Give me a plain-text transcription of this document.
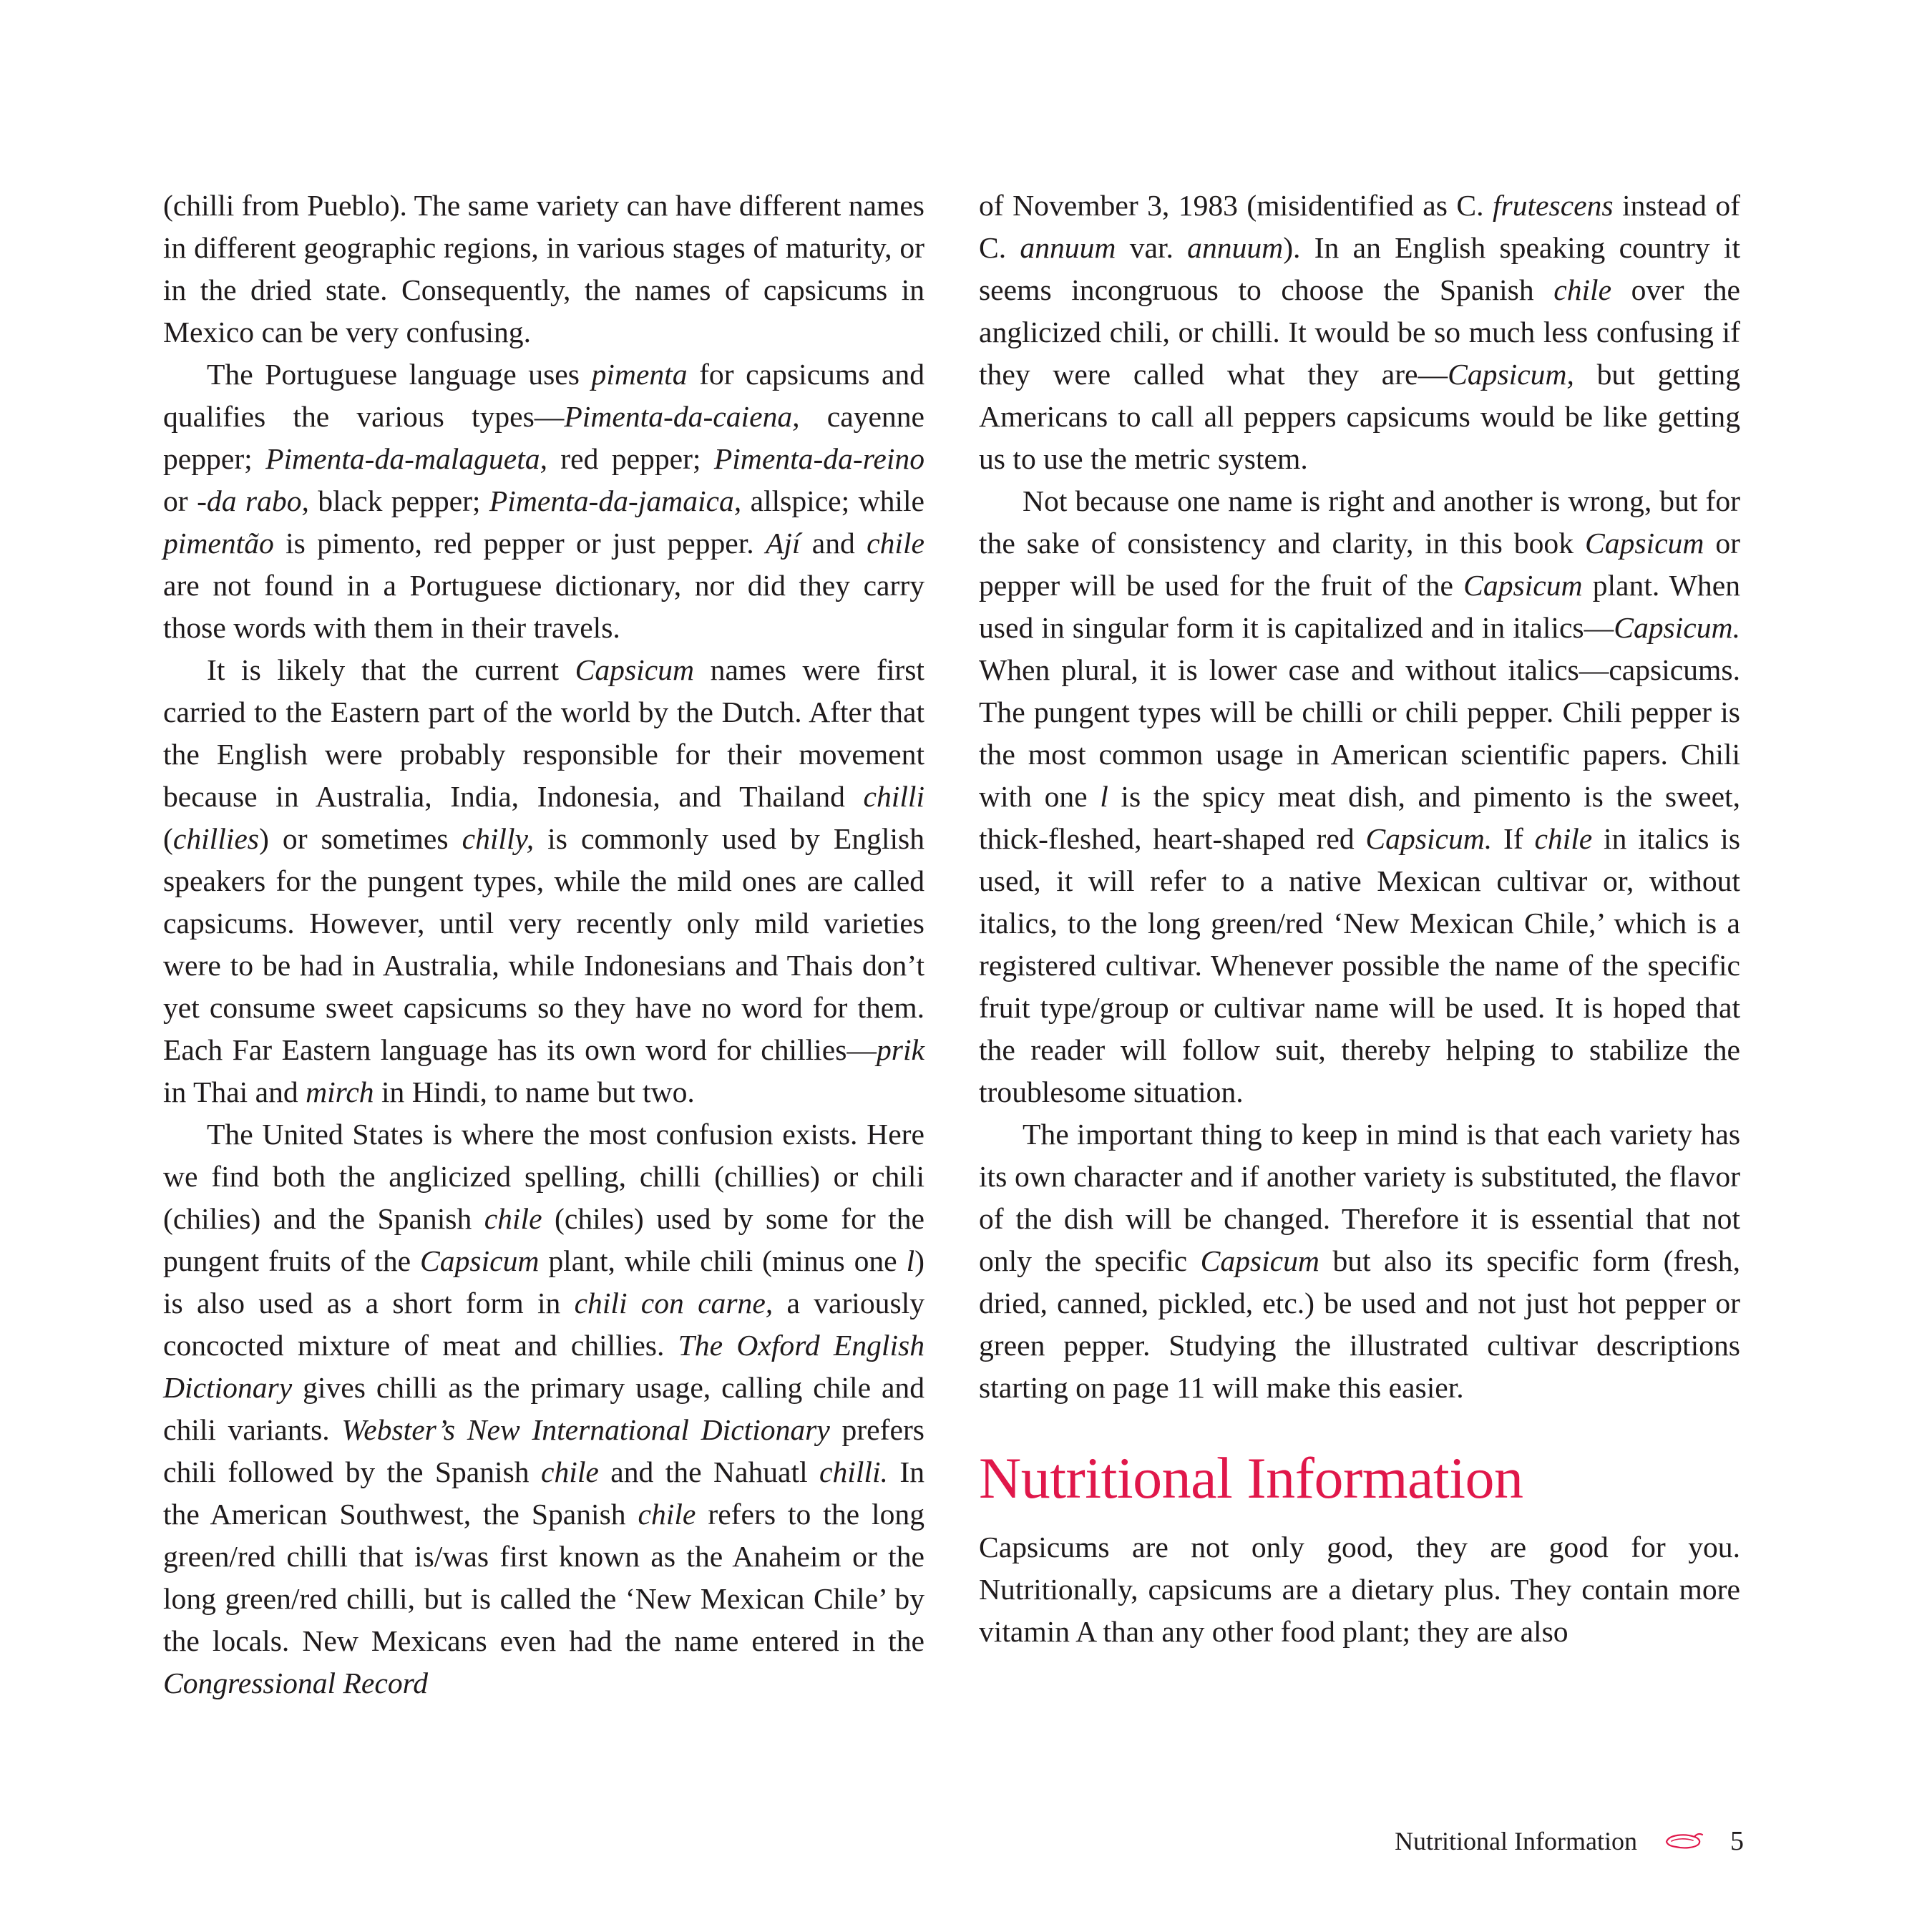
(chilli from Pueblo). The same variety can have different names in different geographic regions, in various stages of maturity, or in the dried state. Consequently, the names of capsicums in Mexico can be very confusing.

The Portuguese language uses pimenta for capsicums and qualifies the various types—Pimenta-da-caiena, cayenne pepper; Pimenta-da-malagueta, red pepper; Pimenta-da-reino or -da rabo, black pepper; Pimenta-da-jamaica, allspice; while pimentão is pimento, red pepper or just pepper. Ají and chile are not found in a Portuguese dictionary, nor did they carry those words with them in their travels.

It is likely that the current Capsicum names were first carried to the Eastern part of the world by the Dutch. After that the English were probably responsible for their movement because in Australia, India, Indonesia, and Thailand chilli (chillies) or sometimes chilly, is commonly used by English speakers for the pungent types, while the mild ones are called capsicums. However, until very recently only mild varieties were to be had in Australia, while Indonesians and Thais don’t yet consume sweet capsicums so they have no word for them. Each Far Eastern language has its own word for chillies—prik in Thai and mirch in Hindi, to name but two.

The United States is where the most confusion exists. Here we find both the anglicized spelling, chilli (chillies) or chili (chilies) and the Spanish chile (chiles) used by some for the pungent fruits of the Capsicum plant, while chili (minus one l) is also used as a short form in chili con carne, a variously concocted mixture of meat and chillies. The Oxford English Dictionary gives chilli as the primary usage, calling chile and chili variants. Webster’s New International Dictionary prefers chili followed by the Spanish chile and the Nahuatl chilli. In the American Southwest, the Spanish chile refers to the long green/red chilli that is/was first known as the Anaheim or the long green/red chilli, but is called the ‘New Mexican Chile’ by the locals. New Mexicans even had the name entered in the Congressional Record

of November 3, 1983 (misidentified as C. frutescens instead of C. annuum var. annuum). In an English speaking country it seems incongruous to choose the Spanish chile over the anglicized chili, or chilli. It would be so much less confusing if they were called what they are—Capsicum, but getting Americans to call all peppers capsicums would be like getting us to use the metric system.

Not because one name is right and another is wrong, but for the sake of consistency and clarity, in this book Capsicum or pepper will be used for the fruit of the Capsicum plant. When used in singular form it is capitalized and in italics—Capsicum. When plural, it is lower case and without italics—capsicums. The pungent types will be chilli or chili pepper. Chili pepper is the most common usage in American scientific papers. Chili with one l is the spicy meat dish, and pimento is the sweet, thick-fleshed, heart-shaped red Capsicum. If chile in italics is used, it will refer to a native Mexican cultivar or, without italics, to the long green/red ‘New Mexican Chile,’ which is a registered cultivar. Whenever possible the name of the specific fruit type/group or cultivar name will be used. It is hoped that the reader will follow suit, thereby helping to stabilize the troublesome situation.

The important thing to keep in mind is that each variety has its own character and if another variety is substituted, the flavor of the dish will be changed. Therefore it is essential that not only the specific Capsicum but also its specific form (fresh, dried, canned, pickled, etc.) be used and not just hot pepper or green pepper. Studying the illustrated cultivar descriptions starting on page 11 will make this easier.

Nutritional Information

Capsicums are not only good, they are good for you. Nutritionally, capsicums are a dietary plus. They contain more vitamin A than any other food plant; they are also

Nutritional Information	5
